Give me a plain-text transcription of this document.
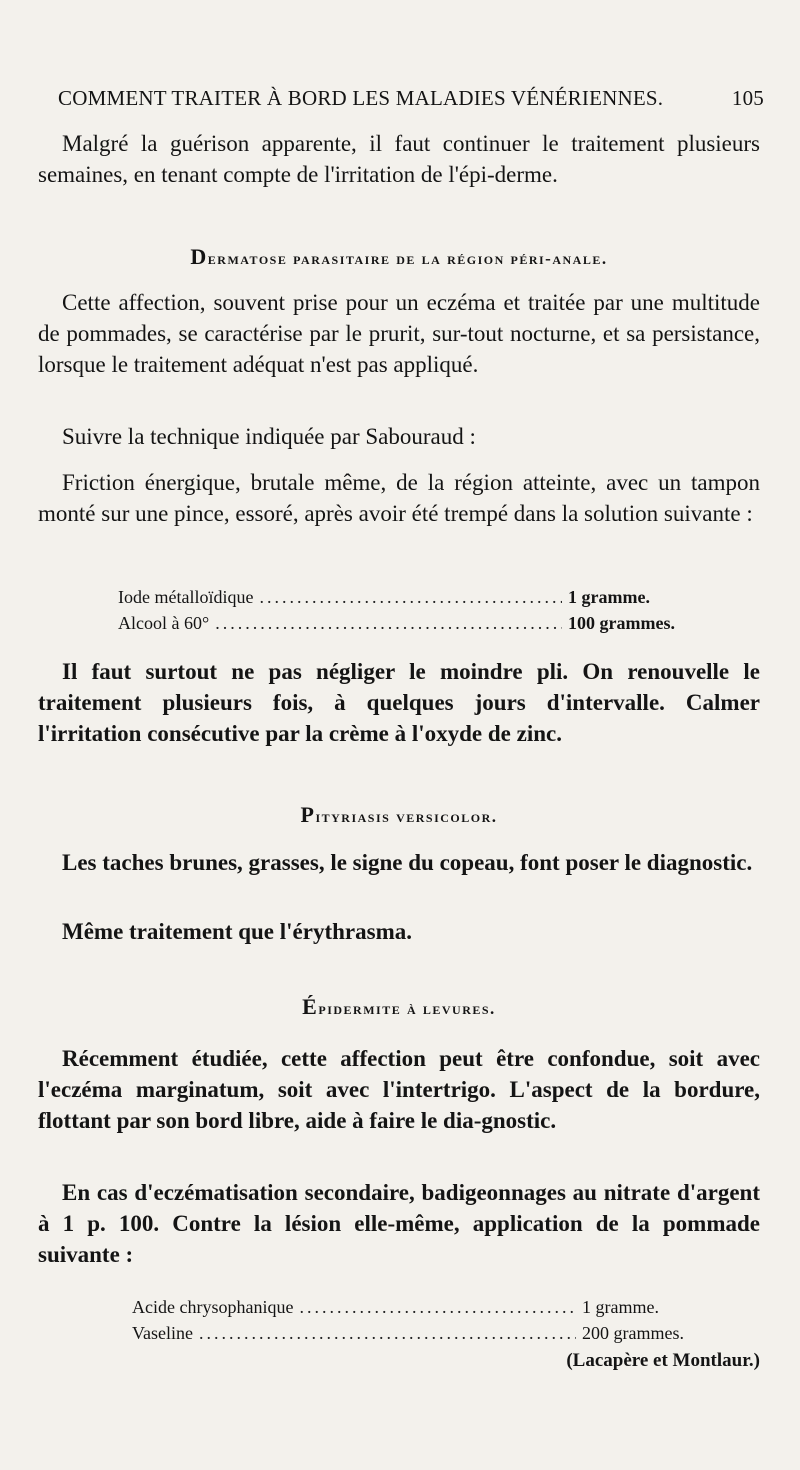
COMMENT TRAITER À BORD LES MALADIES VÉNÉRIENNES.	105

Malgré la guérison apparente, il faut continuer le traitement plusieurs semaines, en tenant compte de l'irritation de l'épi-derme.

Dermatose parasitaire de la région péri-anale.

Cette affection, souvent prise pour un eczéma et traitée par une multitude de pommades, se caractérise par le prurit, sur-tout nocturne, et sa persistance, lorsque le traitement adéquat n'est pas appliqué.

Suivre la technique indiquée par Sabouraud :

Friction énergique, brutale même, de la région atteinte, avec un tampon monté sur une pince, essoré, après avoir été trempé dans la solution suivante :

Iode métalloïdique .....	1 gramme.
Alcool à 60° .....	100 grammes.

Il faut surtout ne pas négliger le moindre pli. On renouvelle le traitement plusieurs fois, à quelques jours d'intervalle. Calmer l'irritation consécutive par la crème à l'oxyde de zinc.

Pityriasis versicolor.

Les taches brunes, grasses, le signe du copeau, font poser le diagnostic.

Même traitement que l'érythrasma.

Épidermite à levures.

Récemment étudiée, cette affection peut être confondue, soit avec l'eczéma marginatum, soit avec l'intertrigo. L'aspect de la bordure, flottant par son bord libre, aide à faire le dia-gnostic.

En cas d'eczématisation secondaire, badigeonnages au nitrate d'argent à 1 p. 100. Contre la lésion elle-même, application de la pommade suivante :

Acide chrysophanique .....	1 gramme.
Vaseline .....	200 grammes.

(Lacapère et Montlaur.)
